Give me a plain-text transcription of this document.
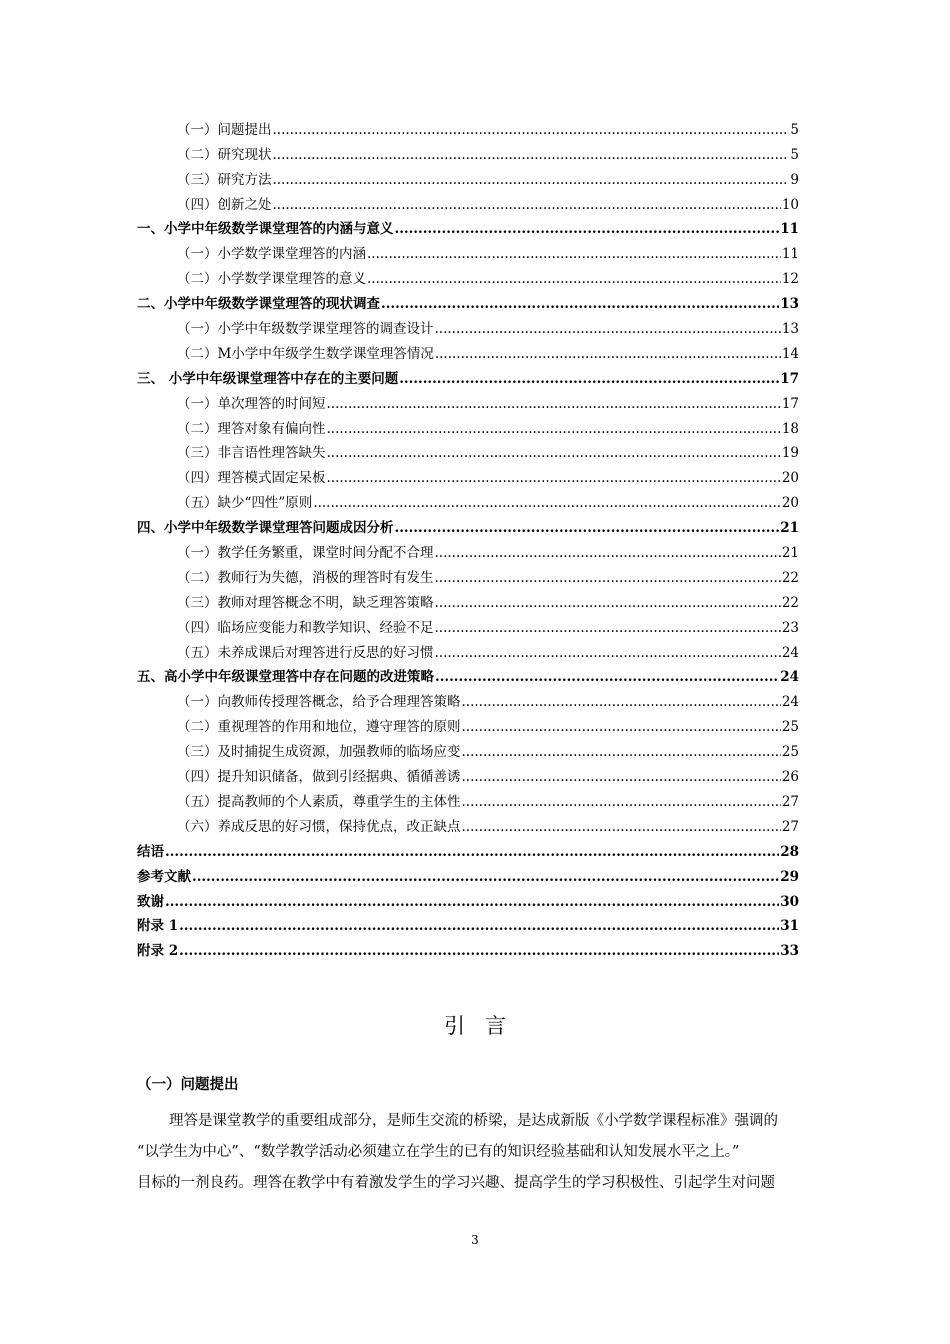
（一）问题提出 .....	5
（二）研究现状 .....	5
（三）研究方法 .....	9
（四）创新之处 .....	10
一、小学中年级数学课堂理答的内涵与意义 .....	11
（一）小学数学课堂理答的内涵 .....	11
（二）小学数学课堂理答的意义 .....	12
二、小学中年级数学课堂理答的现状调查 .....	13
（一）小学中年级数学课堂理答的调查设计 .....	13
（二）M小学中年级学生数学课堂理答情况 .....	14
三、 小学中年级课堂理答中存在的主要问题 .....	17
（一）单次理答的时间短 .....	17
（二）理答对象有偏向性 .....	18
（三）非言语性理答缺失 .....	19
（四）理答模式固定呆板 .....	20
（五）缺少“四性”原则 .....	20
四、小学中年级数学课堂理答问题成因分析 .....	21
（一）教学任务繁重，课堂时间分配不合理 .....	21
（二）教师行为失德，消极的理答时有发生 .....	22
（三）教师对理答概念不明，缺乏理答策略 .....	22
（四）临场应变能力和教学知识、经验不足 .....	23
（五）未养成课后对理答进行反思的好习惯 .....	24
五、高小学中年级课堂理答中存在问题的改进策略 .....	24
（一）向教师传授理答概念，给予合理理答策略 .....	24
（二）重视理答的作用和地位，遵守理答的原则 .....	25
（三）及时捕捉生成资源，加强教师的临场应变 .....	25
（四）提升知识储备，做到引经据典、循循善诱 .....	26
（五）提高教师的个人素质，尊重学生的主体性 .....	27
（六）养成反思的好习惯，保持优点，改正缺点 .....	27
结语 .....	28
参考文献 .....	29
致谢 .....	30
附录 1 .....	31
附录 2 .....	33
引言
（一）问题提出
理答是课堂教学的重要组成部分，是师生交流的桥梁，是达成新版《小学数学课程标准》强调的
“以学生为中心”、“数学教学活动必须建立在学生的已有的知识经验基础和认知发展水平之上。”
目标的一剂良药。理答在教学中有着激发学生的学习兴趣、提高学生的学习积极性、引起学生对问题
3
